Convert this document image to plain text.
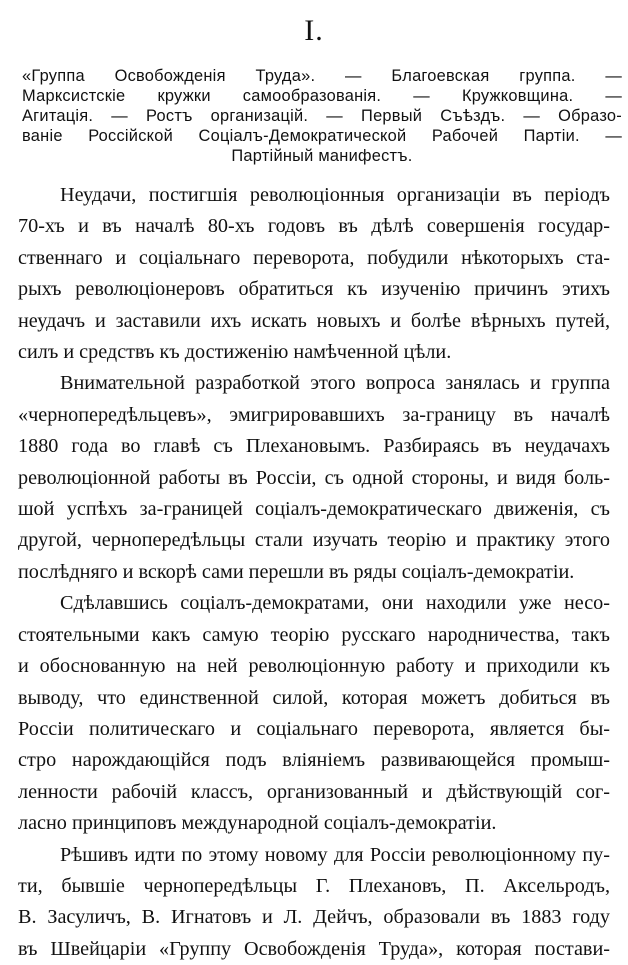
I.
«Группа Освобожденія Труда». — Благоевская группа. —
Марксистскіе кружки самообразованія. — Кружковщина. —
Агитація. — Ростъ организацій. — Первый Съѣздъ. — Образо-
ваніе Россійской Соціалъ-Демократической Рабочей Партіи. —
Партійный манифестъ.
Неудачи, постигшія революціонныя организаціи въ періодъ
70-хъ и въ началѣ 80-хъ годовъ въ дѣлѣ совершенія государ-
ственнаго и соціальнаго переворота, побудили нѣкоторыхъ ста-
рыхъ революціонеровъ обратиться къ изученію причинъ этихъ
неудачъ и заставили ихъ искать новыхъ и болѣе вѣрныхъ путей,
силъ и средствъ къ достиженію намѣченной цѣли.
Внимательной разработкой этого вопроса занялась и группа
«чернопередѣльцевъ», эмигрировавшихъ за-границу въ началѣ
1880 года во главѣ съ Плехановымъ. Разбираясь въ неудачахъ
революціонной работы въ Россіи, съ одной стороны, и видя боль-
шой успѣхъ за-границей соціалъ-демократическаго движенія, съ
другой, чернопередѣльцы стали изучать теорію и практику этого
послѣдняго и вскорѣ сами перешли въ ряды соціалъ-демократіи.
Сдѣлавшись соціалъ-демократами, они находили уже несо-
стоятельными какъ самую теорію русскаго народничества, такъ
и обоснованную на ней революціонную работу и приходили къ
выводу, что единственной силой, которая можетъ добиться въ
Россіи политическаго и соціальнаго переворота, является бы-
стро нарождающійся подъ вліяніемъ развивающейся промыш-
ленности рабочій классъ, организованный и дѣйствующій сог-
ласно принциповъ международной соціалъ-демократіи.
Рѣшивъ идти по этому новому для Россіи революціонному пу-
ти, бывшіе чернопередѣльцы Г. Плехановъ, П. Аксельродъ,
В. Засуличъ, В. Игнатовъ и Л. Дейчъ, образовали въ 1883 году
въ Швейцаріи «Группу Освобожденія Труда», которая постави-
